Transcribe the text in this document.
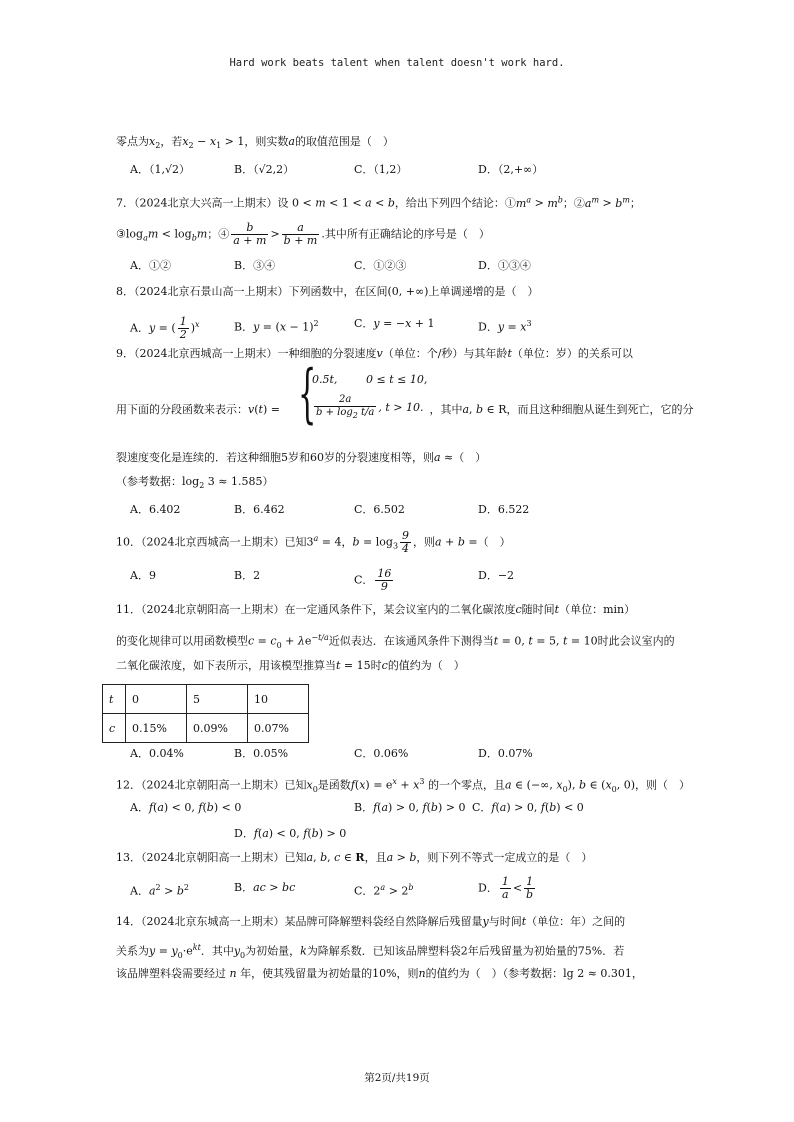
Hard work beats talent when talent doesn't work hard.
零点为$x_2$，若$x_2 - x_1 > 1$，则实数a的取值范围是（　）
A．（1,√2）	B．（√2,2）	C．（1,2）	D．（2,+∞）
7．（2024北京大兴高一上期末）设 0 < m < 1 < a < b，给出下列四个结论：$①m^a > m^b$；$②a^m > b^m$；
$③\log_am < \log_bm$；④ $\frac{b}{a + m} > \frac{a}{b + m}$ .其中所有正确结论的序号是（　）
A．①②	B．③④	C．①②③	D．①③④
8．（2024北京石景山高一上期末）下列函数中，在区间(0, +∞)上单调递增的是（　）
A．y = ( $\frac{1}{2} )^x$	B．$y = (x - 1)^2$	C．y = −x + 1	D．$y = x^3$
9．（2024北京西城高一上期末）一种细胞的分裂速度v（单位：个/秒）与其年龄t（单位：岁）的关系可以
用下面的分段函数来表示：v(t) =	，其中a, b ∈ R，而且这种细胞从诞生到死亡，它的分
{
0.5t,	0 ≤ t ≤ 10,
$\frac{2a}{b + \log_2 t/a}$ , t > 10.
裂速度变化是连续的．若这种细胞5岁和60岁的分裂速度相等，则a ≈（　）
（参考数据：$\log_2 3 \approx 1.585$）
A．6.402	B．6.462	C．6.502	D．6.522
10．（2024北京西城高一上期末）已知$3^a = 4$，$b = \log_3 \frac{9}{4}$ ，则a + b =（　）
A．9	B．2	C． $\frac{16}{9}$	D．−2
11．（2024北京朝阳高一上期末）在一定通风条件下，某会议室内的二氧化碳浓度c随时间t（单位：min）
的变化规律可以用函数模型$c = c_0 + \lambda e^{-t/a}$近似表达．在该通风条件下测得当t = 0, t = 5, t = 10时此会议室内的
二氧化碳浓度，如下表所示，用该模型推算当t = 15时c的值约为（　）
t	0	5	10
c	0.15%	0.09%	0.07%
A．0.04%	B．0.05%	C．0.06%	D．0.07%
12．（2024北京朝阳高一上期末）已知$x_0$是函数$f(x) = e^x + x^3$ 的一个零点，且a ∈ (−∞, $x_0$), b ∈ ($x_0$, 0)，则（　）
A．f(a) < 0, f(b) < 0	B．f(a) > 0, f(b) > 0 C．f(a) > 0, f(b) < 0
D．f(a) < 0, f(b) > 0
13．（2024北京朝阳高一上期末）已知a, b, c ∈ R，且a > b，则下列不等式一定成立的是（　）
A．$a^2 > b^2$	B．ac > bc	C．$2^a > 2^b$	D． $\frac{1}{a} < \frac{1}{b}$
14．（2024北京东城高一上期末）某品牌可降解塑料袋经自然降解后残留量y与时间t（单位：年）之间的
关系为$y = y_0\cdot e^{kt}$．其中$y_0$为初始量，k为降解系数．已知该品牌塑料袋2年后残留量为初始量的75%．若
该品牌塑料袋需要经过 n 年，使其残留量为初始量的10%，则n的值约为（　）（参考数据：lg 2 ≈ 0.301，
第2页/共19页
